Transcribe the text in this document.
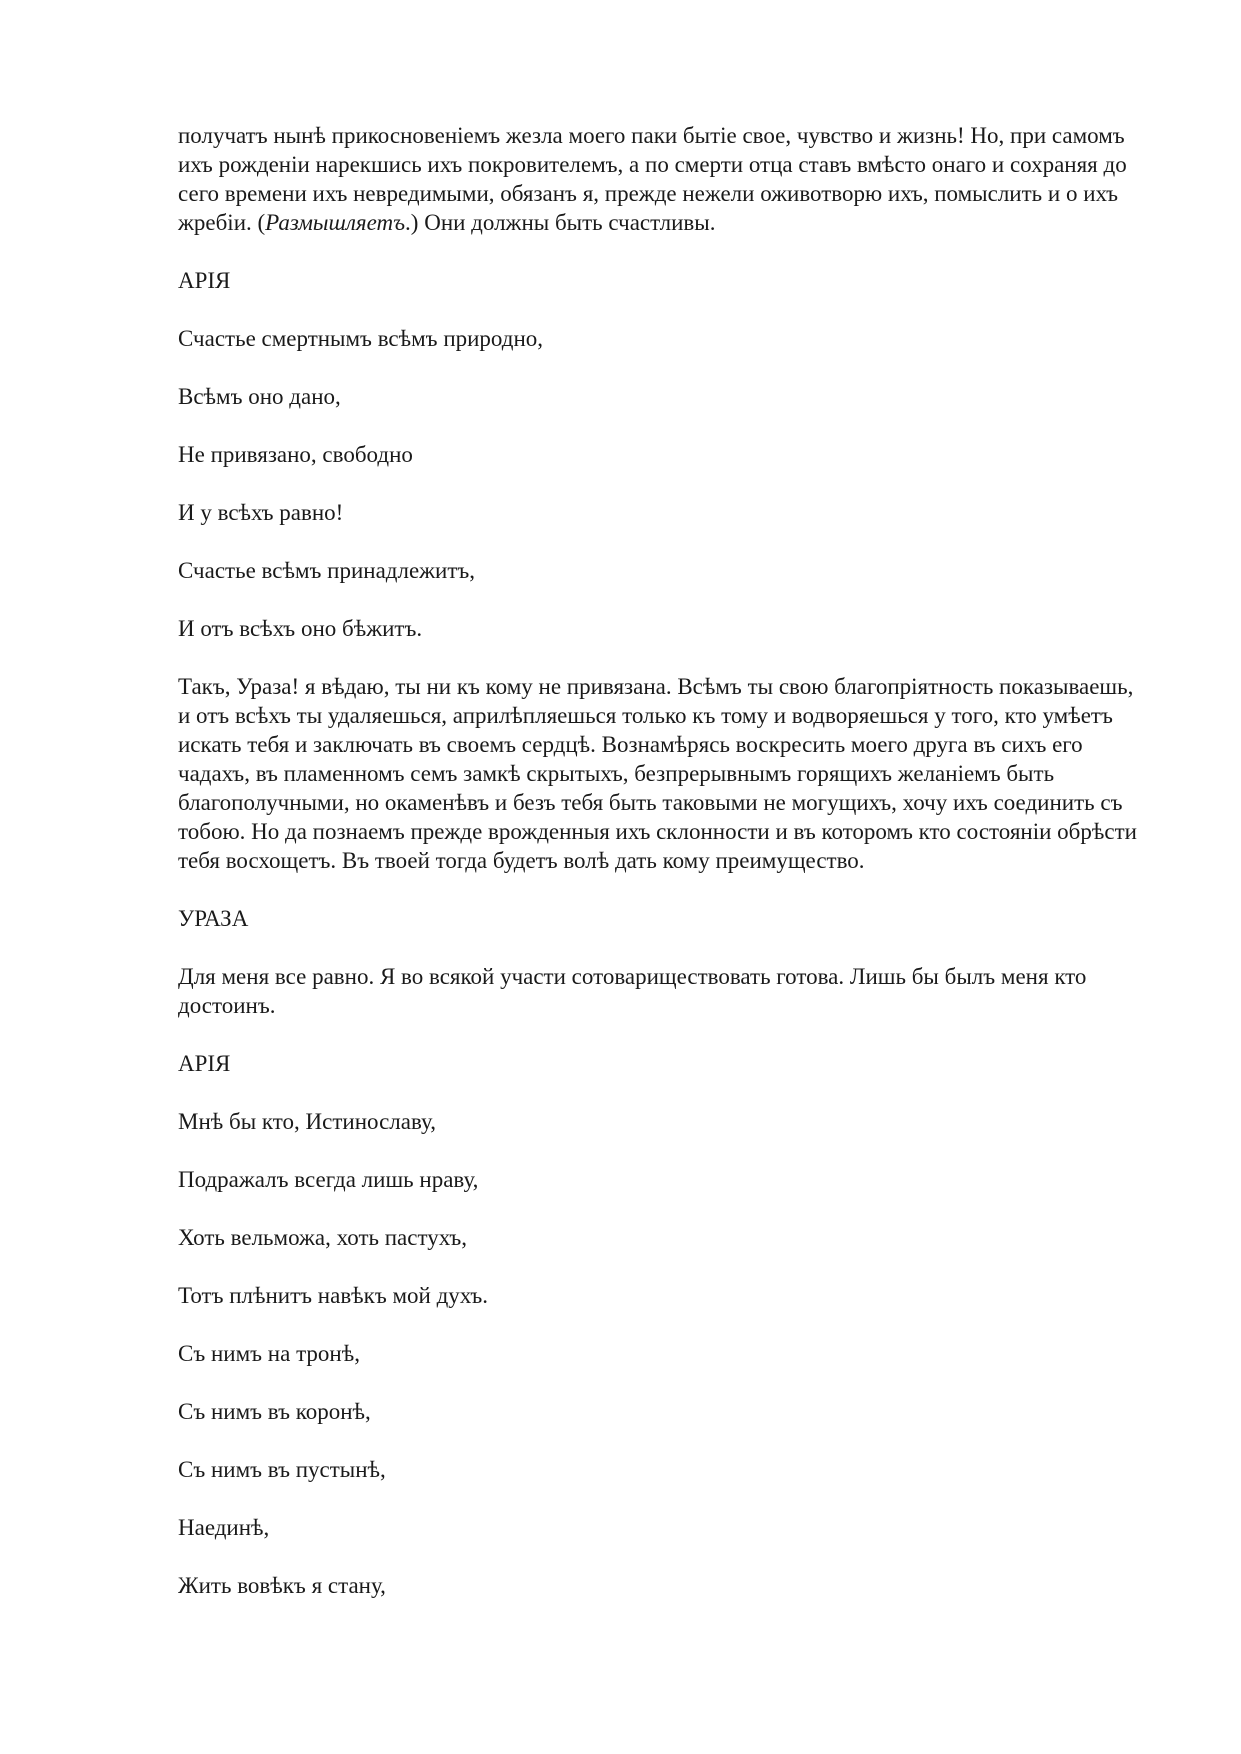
получатъ нынѣ прикосновеніемъ жезла моего паки бытіе свое, чувство и жизнь! Но, при самомъ ихъ рожденіи нарекшись ихъ покровителемъ, а по смерти отца ставъ вмѣсто онаго и сохраняя до сего времени ихъ невредимыми, обязанъ я, прежде нежели оживотворю ихъ, помыслить и о ихъ жребіи. (Размышляетъ.) Они должны быть счастливы.

АРІЯ

Счастье смертнымъ всѣмъ природно,

Всѣмъ оно дано,

Не привязано, свободно

И у всѣхъ равно!

Счастье всѣмъ принадлежитъ,

И отъ всѣхъ оно бѣжитъ.

Такъ, Ураза! я вѣдаю, ты ни къ кому не привязана. Всѣмъ ты свою благопріятность показываешь, и отъ всѣхъ ты удаляешься, априлѣпляешься только къ тому и водворяешься у того, кто умѣетъ искать тебя и заключать въ своемъ сердцѣ. Вознамѣрясь воскресить моего друга въ сихъ его чадахъ, въ пламенномъ семъ замкѣ скрытыхъ, безпрерывнымъ горящихъ желаніемъ быть благополучными, но окаменѣвъ и безъ тебя быть таковыми не могущихъ, хочу ихъ соединить съ тобою. Но да познаемъ прежде врожденныя ихъ склонности и въ которомъ кто состояніи обрѣсти тебя восхощетъ. Въ твоей тогда будетъ волѣ дать кому преимущество.

УРАЗА

Для меня все равно. Я во всякой участи сотовариществовать готова. Лишь бы былъ меня кто достоинъ.

АРІЯ

Мнѣ бы кто, Истинославу,

Подражалъ всегда лишь нраву,

Хоть вельможа, хоть пастухъ,

Тотъ плѣнитъ навѣкъ мой духъ.

Съ нимъ на тронѣ,

Съ нимъ въ коронѣ,

Съ нимъ въ пустынѣ,

Наединѣ,

Жить вовѣкъ я стану,
